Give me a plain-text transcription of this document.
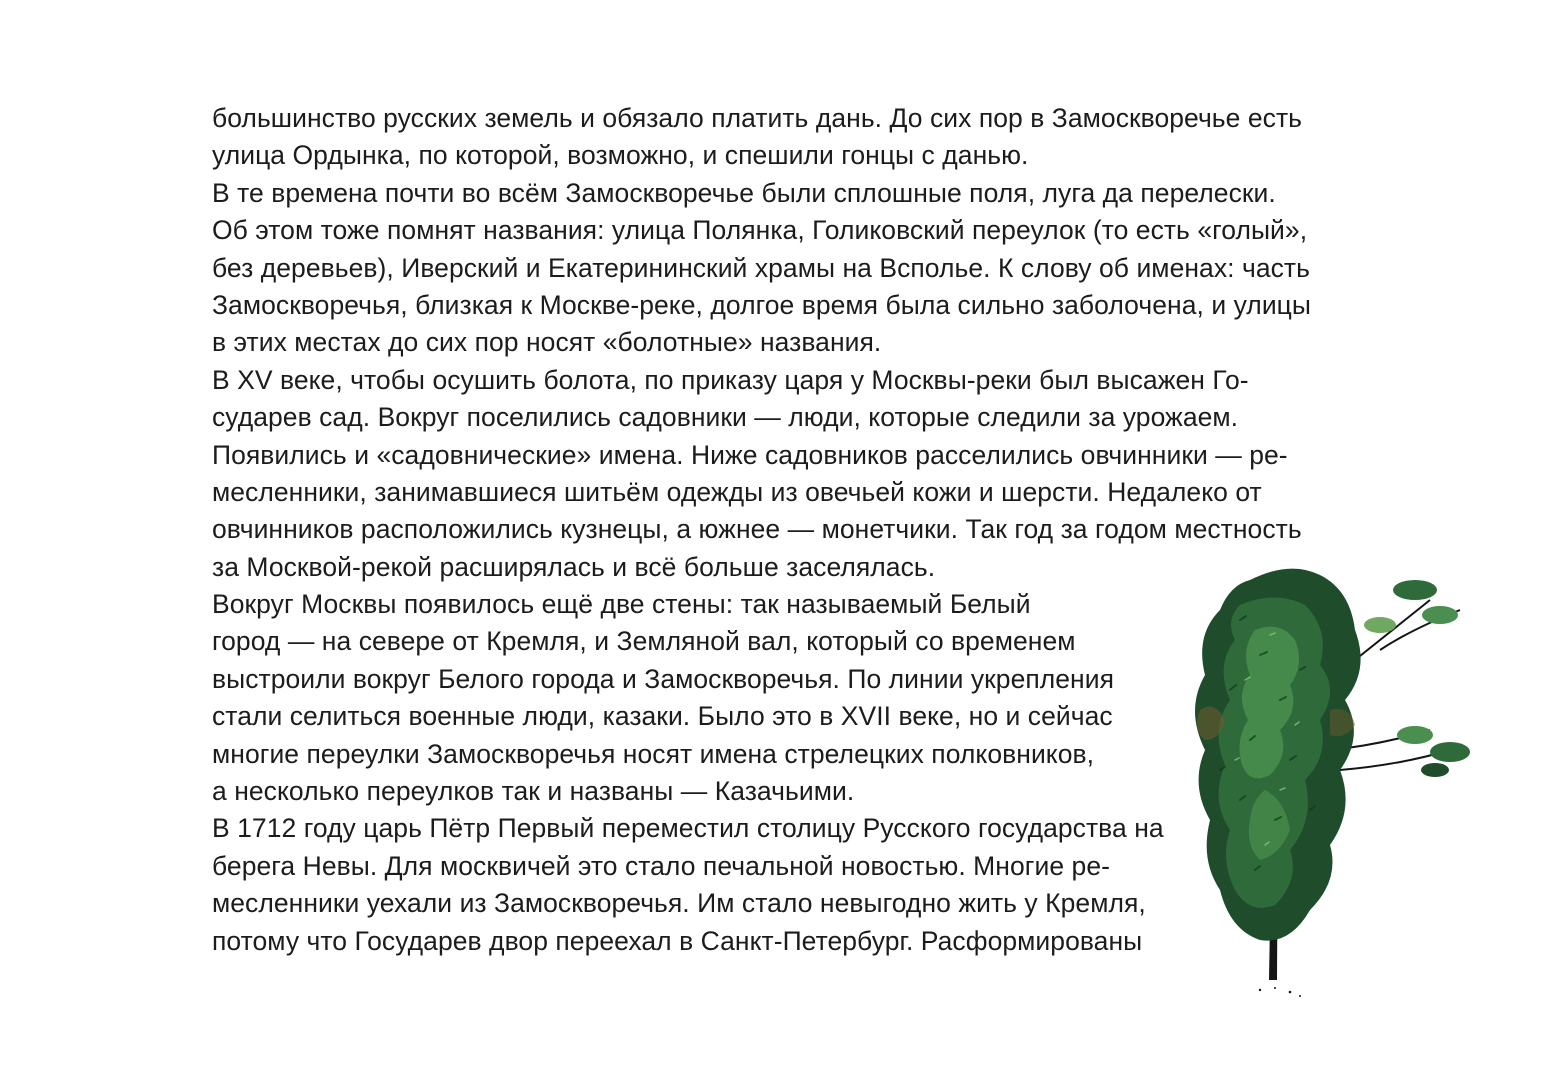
большинство русских земель и обязало платить дань. До сих пор в Замоскворечье есть
улица Ордынка, по которой, возможно, и спешили гонцы с данью.
В те времена почти во всём Замоскворечье были сплошные поля, луга да перелески.
Об этом тоже помнят названия: улица Полянка, Голиковский переулок (то есть «голый»,
без деревьев), Иверский и Екатерининский храмы на Всполье. К слову об именах: часть
Замоскворечья, близкая к Москве-реке, долгое время была сильно заболочена, и улицы
в этих местах до сих пор носят «болотные» названия.
В XV веке, чтобы осушить болота, по приказу царя у Москвы-реки был высажен Го-
сударев сад. Вокруг поселились садовники — люди, которые следили за урожаем.
Появились и «садовнические» имена. Ниже садовников расселились овчинники — ре-
месленники, занимавшиеся шитьём одежды из овечьей кожи и шерсти. Недалеко от
овчинников расположились кузнецы, а южнее — монетчики. Так год за годом местность
за Москвой-рекой расширялась и всё больше заселялась.
Вокруг Москвы появилось ещё две стены: так называемый Белый
город — на севере от Кремля, и Земляной вал, который со временем
выстроили вокруг Белого города и Замоскворечья. По линии укрепления
стали селиться военные люди, казаки. Было это в XVII веке, но и сейчас
многие переулки Замоскворечья носят имена стрелецких полковников,
а несколько переулков так и названы — Казачьими.
В 1712 году царь Пётр Первый переместил столицу Русского государства на
берега Невы. Для москвичей это стало печальной новостью. Многие ре-
месленники уехали из Замоскворечья. Им стало невыгодно жить у Кремля,
потому что Государев двор переехал в Санкт-Петербург. Расформированы
